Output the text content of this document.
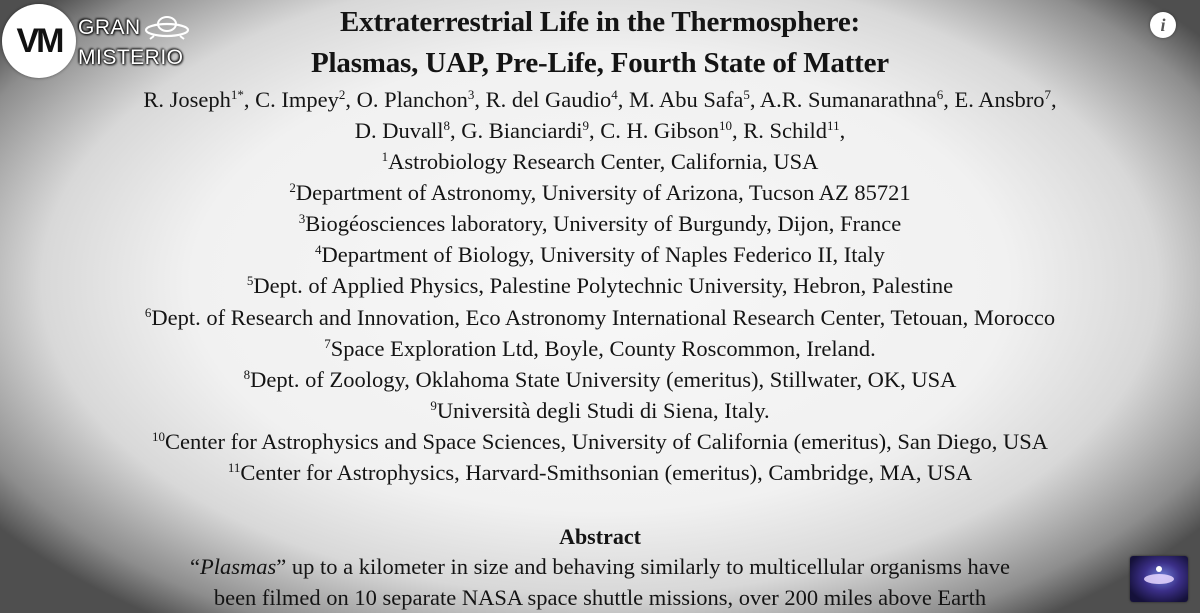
Extraterrestrial Life in the Thermosphere:
Plasmas, UAP, Pre-Life, Fourth State of Matter
R. Joseph$^{1*}$, C. Impey$^2$, O. Planchon$^3$, R. del Gaudio$^4$, M. Abu Safa$^5$, A.R. Sumanarathna$^6$, E. Ansbro$^7$,
D. Duvall$^8$, G. Bianciardi$^9$, C. H. Gibson$^{10}$, R. Schild$^{11}$,
$^1$Astrobiology Research Center, California, USA
$^2$Department of Astronomy, University of Arizona, Tucson AZ 85721
$^3$Biogéosciences laboratory, University of Burgundy, Dijon, France
$^4$Department of Biology, University of Naples Federico II, Italy
$^5$Dept. of Applied Physics, Palestine Polytechnic University, Hebron, Palestine
$^6$Dept. of Research and Innovation, Eco Astronomy International Research Center, Tetouan, Morocco
$^7$Space Exploration Ltd, Boyle, County Roscommon, Ireland.
$^8$Dept. of Zoology, Oklahoma State University (emeritus), Stillwater, OK, USA
$^9$Università degli Studi di Siena, Italy.
$^{10}$Center for Astrophysics and Space Sciences, University of California (emeritus), San Diego, USA
$^{11}$Center for Astrophysics, Harvard-Smithsonian (emeritus), Cambridge, MA, USA
Abstract
“Plasmas” up to a kilometer in size and behaving similarly to multicellular organisms have
been filmed on 10 separate NASA space shuttle missions, over 200 miles above Earth
VM GRAN
MISTERIO
i
